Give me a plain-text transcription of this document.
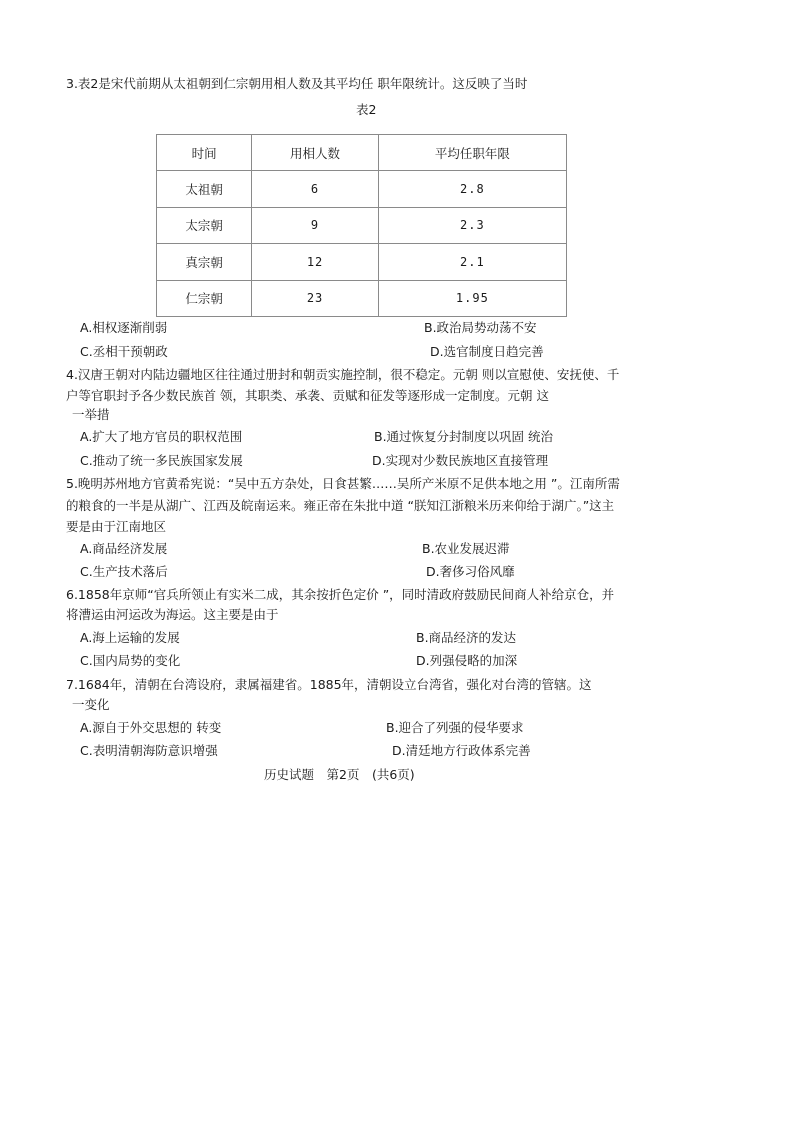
3.表2是宋代前期从太祖朝到仁宗朝用相人数及其平均任 职年限统计。这反映了当时
表2
时间	用相人数	平均任职年限
太祖朝	6	2.8
太宗朝	9	2.3
真宗朝	12	2.1
仁宗朝	23	1.95
A.相权逐渐削弱	B.政治局势动荡不安
C.丞相干预朝政	D.选官制度日趋完善
4.汉唐王朝对内陆边疆地区往往通过册封和朝贡实施控制，很不稳定。元朝 则以宣慰使、安抚使、千
户等官职封予各少数民族首 领，其职类、承袭、贡赋和征发等逐形成一定制度。元朝 这
一举措
A.扩大了地方官员的职权范围	B.通过恢复分封制度以巩固 统治
C.推动了统一多民族国家发展	D.实现对少数民族地区直接管理
5.晚明苏州地方官黄希宪说：“吴中五方杂处，日食甚繁……吴所产米原不足供本地之用 ”。江南所需
的粮食的一半是从湖广、江西及皖南运来。雍正帝在朱批中道 “朕知江浙粮米历来仰给于湖广。”这主
要是由于江南地区
A.商品经济发展	B.农业发展迟滞
C.生产技术落后	D.奢侈习俗风靡
6.1858年京师“官兵所领止有实米二成，其余按折色定价 ”，同时清政府鼓励民间商人补给京仓，并
将漕运由河运改为海运。这主要是由于
A.海上运输的发展	B.商品经济的发达
C.国内局势的变化	D.列强侵略的加深
7.1684年，清朝在台湾设府，隶属福建省。1885年，清朝设立台湾省，强化对台湾的管辖。这
一变化
A.源自于外交思想的 转变	B.迎合了列强的侵华要求
C.表明清朝海防意识增强	D.清廷地方行政体系完善
历史试题　第2页　(共6页)
